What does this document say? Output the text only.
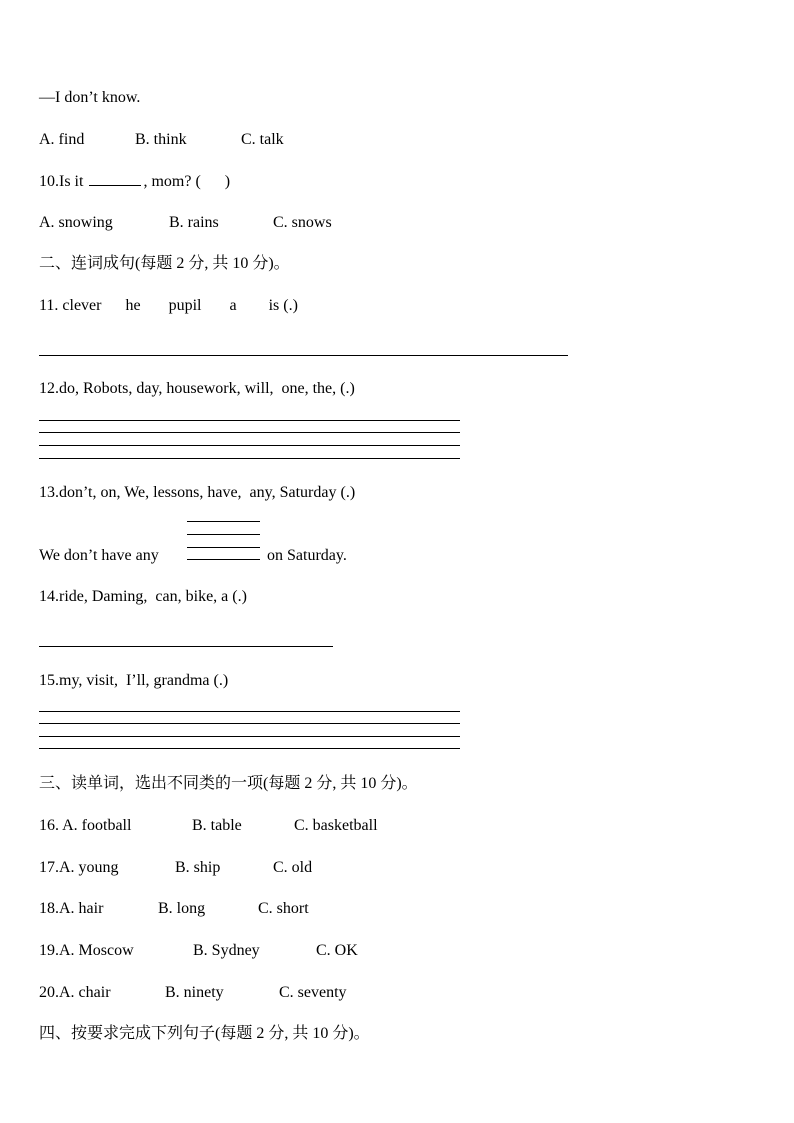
—I don’t know.
A. find	B. think	C. talk
10.Is it	, mom? (      )
A. snowing	B. rains	C. snows
二、连词成句(每题 2 分, 共 10 分)。
11. clever      he       pupil       a        is (.)
12.do, Robots, day, housework, will,  one, the, (.)
13.don’t, on, We, lessons, have,  any, Saturday (.)
We don’t have any	on Saturday.
14.ride, Daming,  can, bike, a (.)
15.my, visit,  I’ll, grandma (.)
三、读单词，选出不同类的一项(每题 2 分, 共 10 分)。
16. A. football	B. table	C. basketball
17.A. young	B. ship	C. old
18.A. hair	B. long	C. short
19.A. Moscow	B. Sydney	C. OK
20.A. chair	B. ninety	C. seventy
四、按要求完成下列句子(每题 2 分, 共 10 分)。
